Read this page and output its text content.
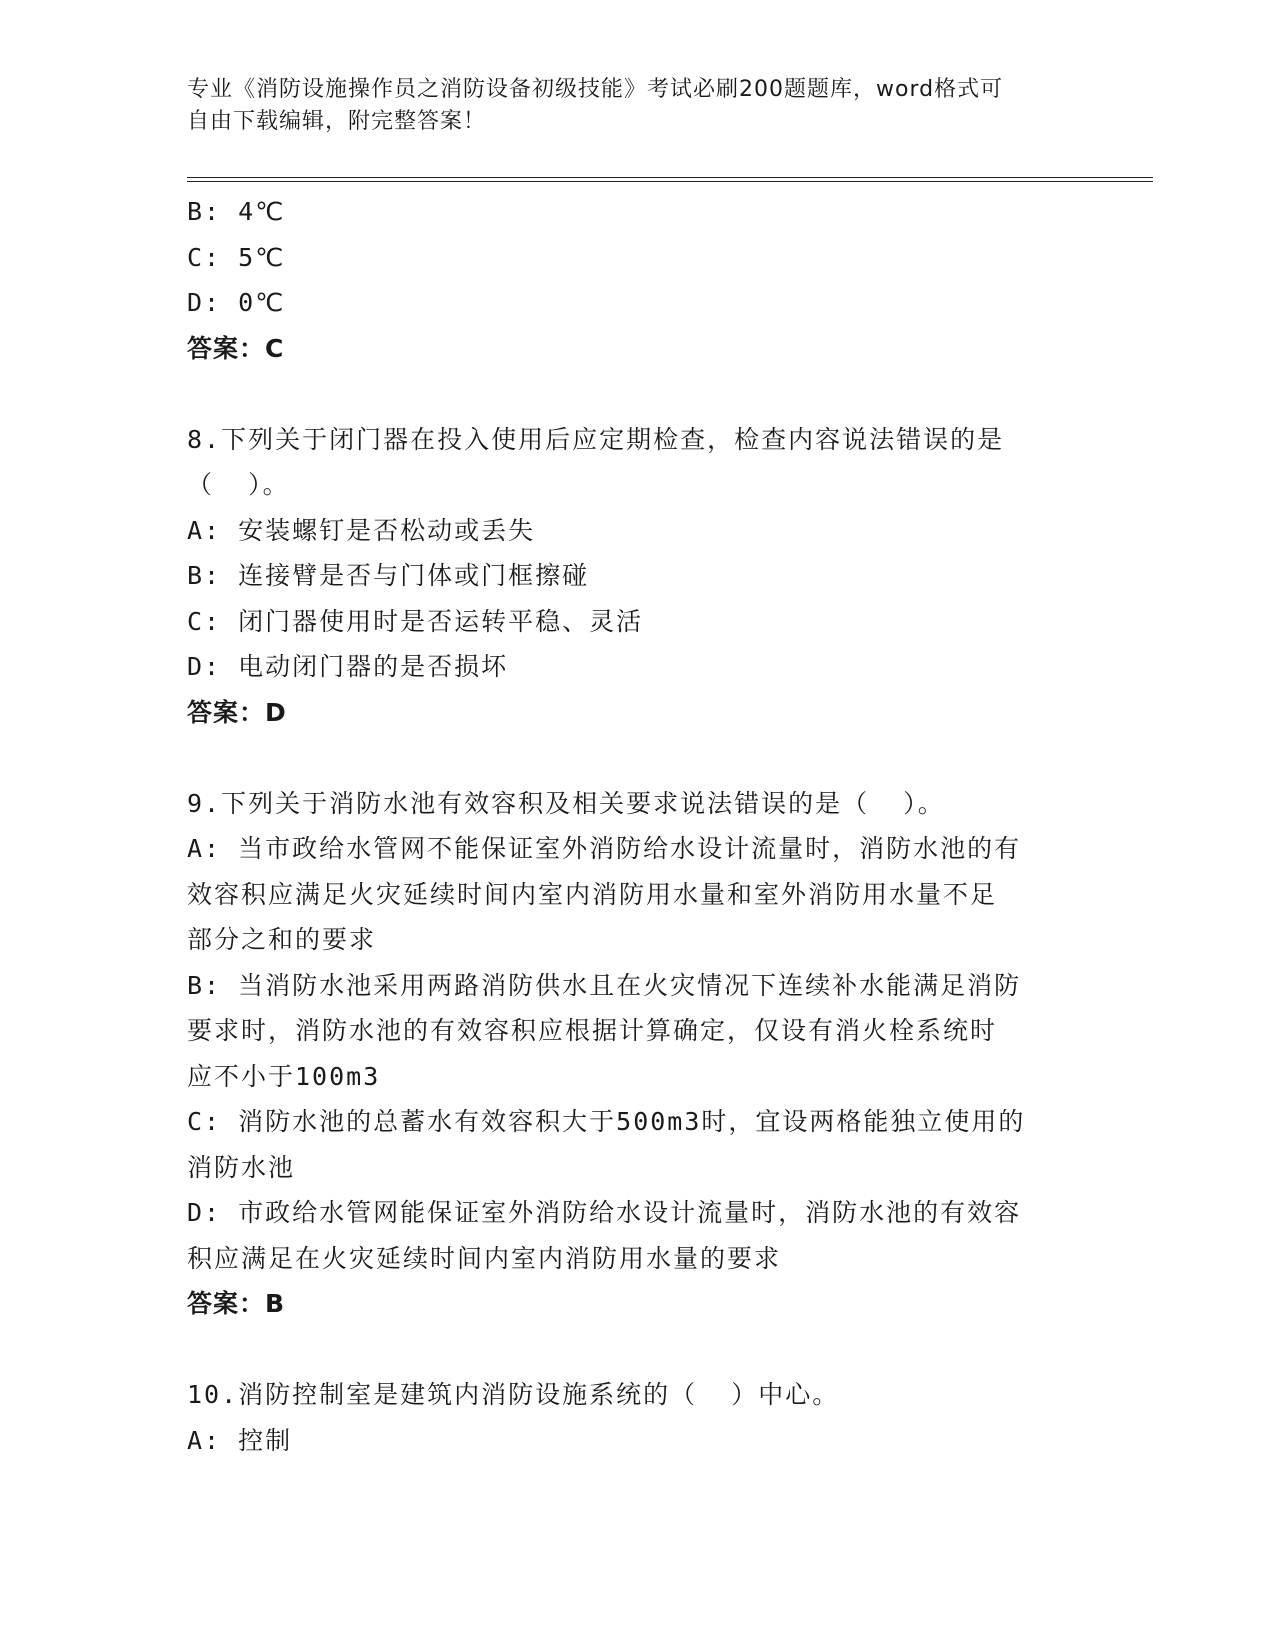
专业《消防设施操作员之消防设备初级技能》考试必刷200题题库，word格式可
自由下载编辑，附完整答案！
B: 4℃
C: 5℃
D: 0℃
答案：C
8.下列关于闭门器在投入使用后应定期检查，检查内容说法错误的是
（  ）。
A: 安装螺钉是否松动或丢失
B: 连接臂是否与门体或门框擦碰
C: 闭门器使用时是否运转平稳、灵活
D: 电动闭门器的是否损坏
答案：D
9.下列关于消防水池有效容积及相关要求说法错误的是（  ）。
A: 当市政给水管网不能保证室外消防给水设计流量时，消防水池的有
效容积应满足火灾延续时间内室内消防用水量和室外消防用水量不足
部分之和的要求
B: 当消防水池采用两路消防供水且在火灾情况下连续补水能满足消防
要求时，消防水池的有效容积应根据计算确定，仅设有消火栓系统时
应不小于100m3
C: 消防水池的总蓄水有效容积大于500m3时，宜设两格能独立使用的
消防水池
D: 市政给水管网能保证室外消防给水设计流量时，消防水池的有效容
积应满足在火灾延续时间内室内消防用水量的要求
答案：B
10.消防控制室是建筑内消防设施系统的（  ）中心。
A: 控制
